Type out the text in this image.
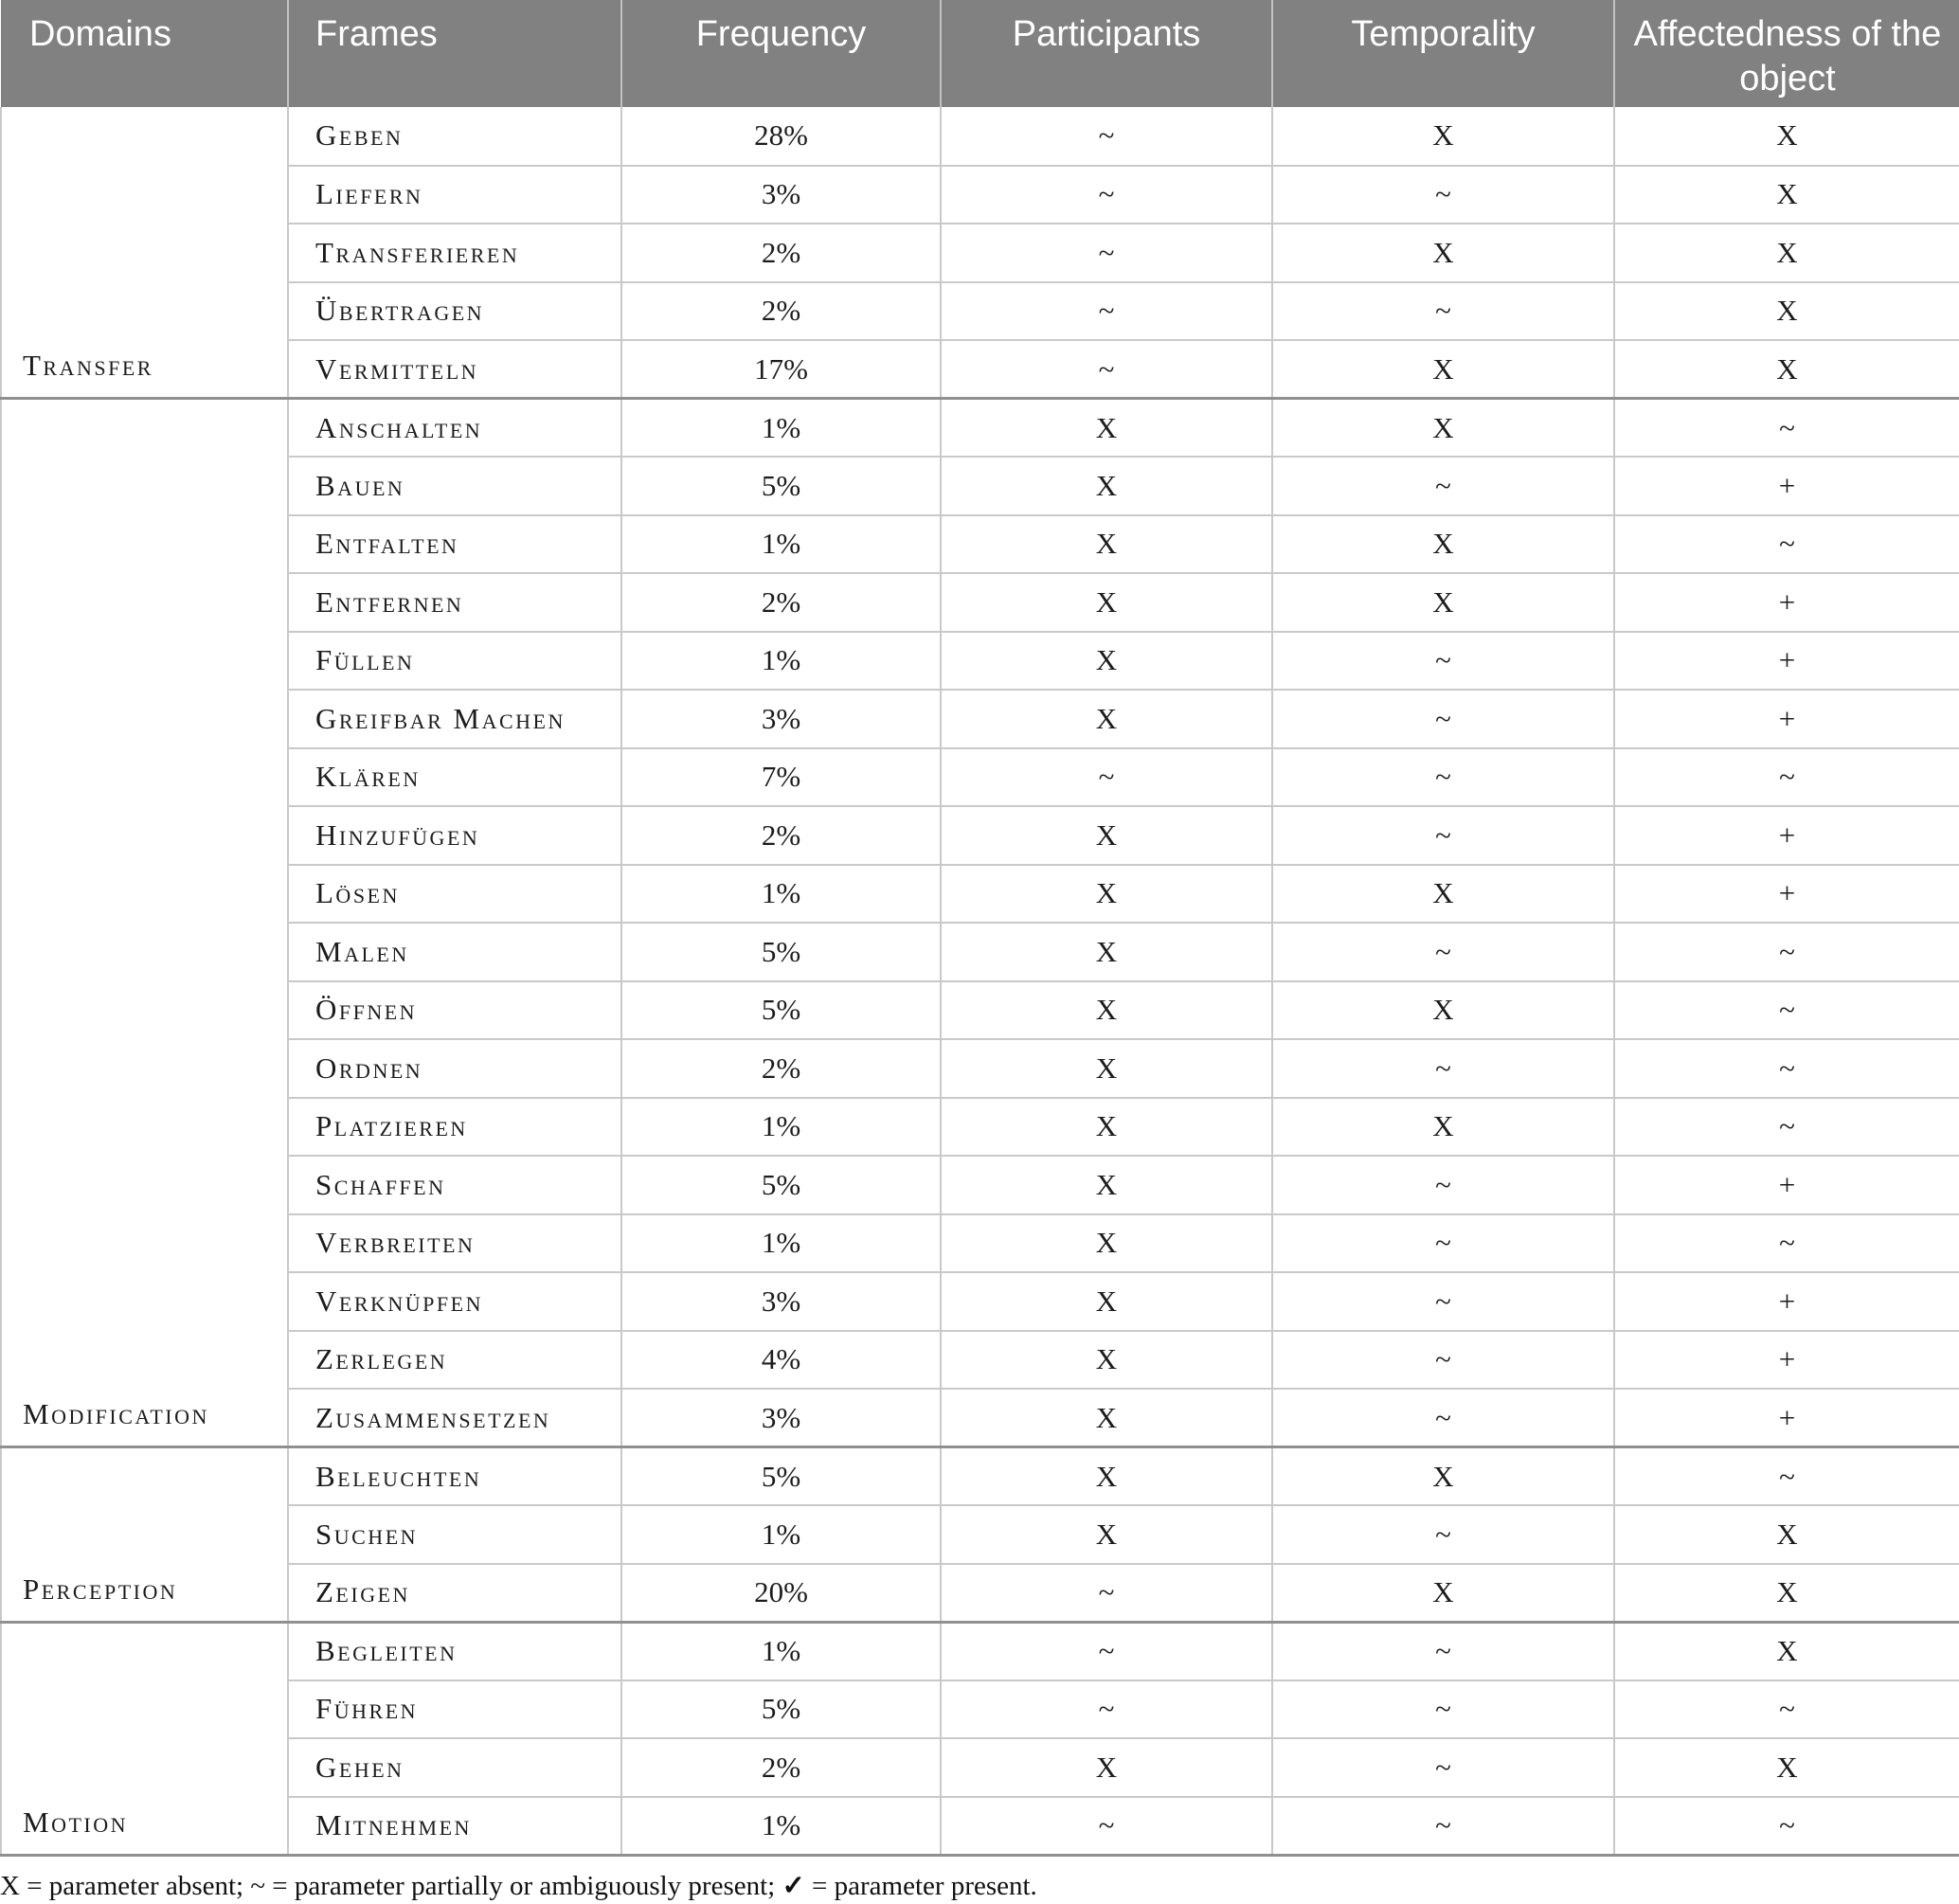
Domains	Frames	Frequency	Participants	Temporality	Affectedness of the object
Transfer	Geben	28%	~	X	X
	Liefern	3%	~	~	X
	Transferieren	2%	~	X	X
	Übertragen	2%	~	~	X
	Vermitteln	17%	~	X	X
Modification	Anschalten	1%	X	X	~
	Bauen	5%	X	~	+
	Entfalten	1%	X	X	~
	Entfernen	2%	X	X	+
	Füllen	1%	X	~	+
	Greifbar Machen	3%	X	~	+
	Klären	7%	~	~	~
	Hinzufügen	2%	X	~	+
	Lösen	1%	X	X	+
	Malen	5%	X	~	~
	Öffnen	5%	X	X	~
	Ordnen	2%	X	~	~
	Platzieren	1%	X	X	~
	Schaffen	5%	X	~	+
	Verbreiten	1%	X	~	~
	Verknüpfen	3%	X	~	+
	Zerlegen	4%	X	~	+
	Zusammensetzen	3%	X	~	+
Perception	Beleuchten	5%	X	X	~
	Suchen	1%	X	~	X
	Zeigen	20%	~	X	X
Motion	Begleiten	1%	~	~	X
	Führen	5%	~	~	~
	Gehen	2%	X	~	X
	Mitnehmen	1%	~	~	~
X = parameter absent; ~ = parameter partially or ambiguously present; ✓ = parameter present.
